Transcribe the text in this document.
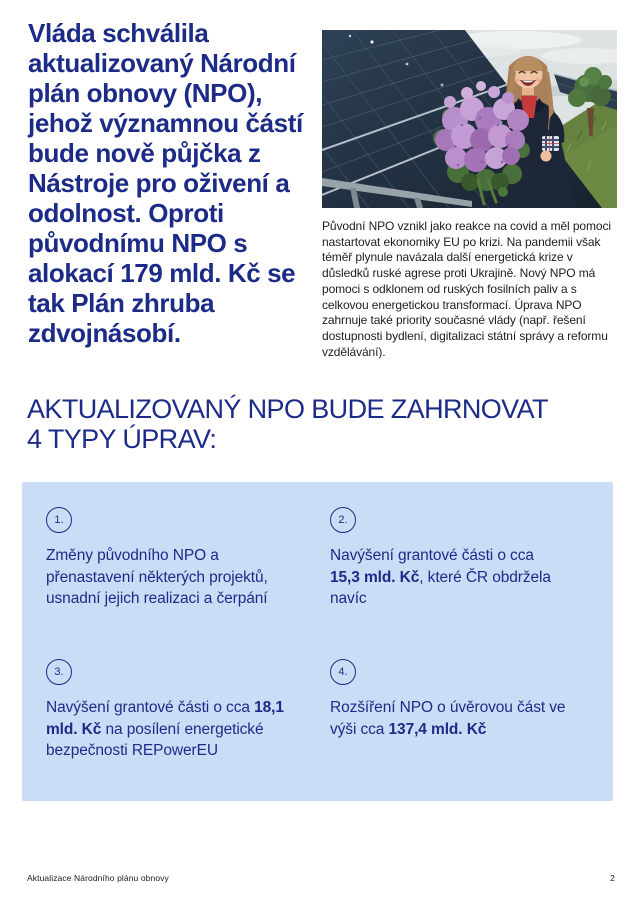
Vláda schválila aktualizovaný Národní plán obnovy (NPO), jehož významnou částí bude nově půjčka z Nástroje pro oživení a odolnost. Oproti původnímu NPO s alokací 179 mld. Kč se tak Plán zhruba zdvojnásobí.
Původní NPO vznikl jako reakce na covid a měl pomoci nastartovat ekonomiky EU po krizi. Na pandemii však téměř plynule navázala další energetická krize v důsledků ruské agrese proti Ukrajině. Nový NPO má pomoci s odklonem od ruských fosilních paliv a s celkovou energetickou transformací. Úprava NPO zahrnuje také priority současné vlády (např. řešení dostupnosti bydlení, digitalizaci státní správy a reformu vzdělávání).
AKTUALIZOVANÝ NPO BUDE ZAHRNOVAT
4 TYPY ÚPRAV:
1.

Změny původního NPO a přenastavení některých projektů, usnadní jejich realizaci a čerpání

2.

Navýšení grantové části o cca 15,3 mld. Kč, které ČR obdržela navíc

3.

Navýšení grantové části o cca 18,1 mld. Kč na posílení energetické bezpečnosti REPowerEU

4.

Rozšíření NPO o úvěrovou část ve výši cca 137,4 mld. Kč

Aktualizace Národního plánu obnovy	2
